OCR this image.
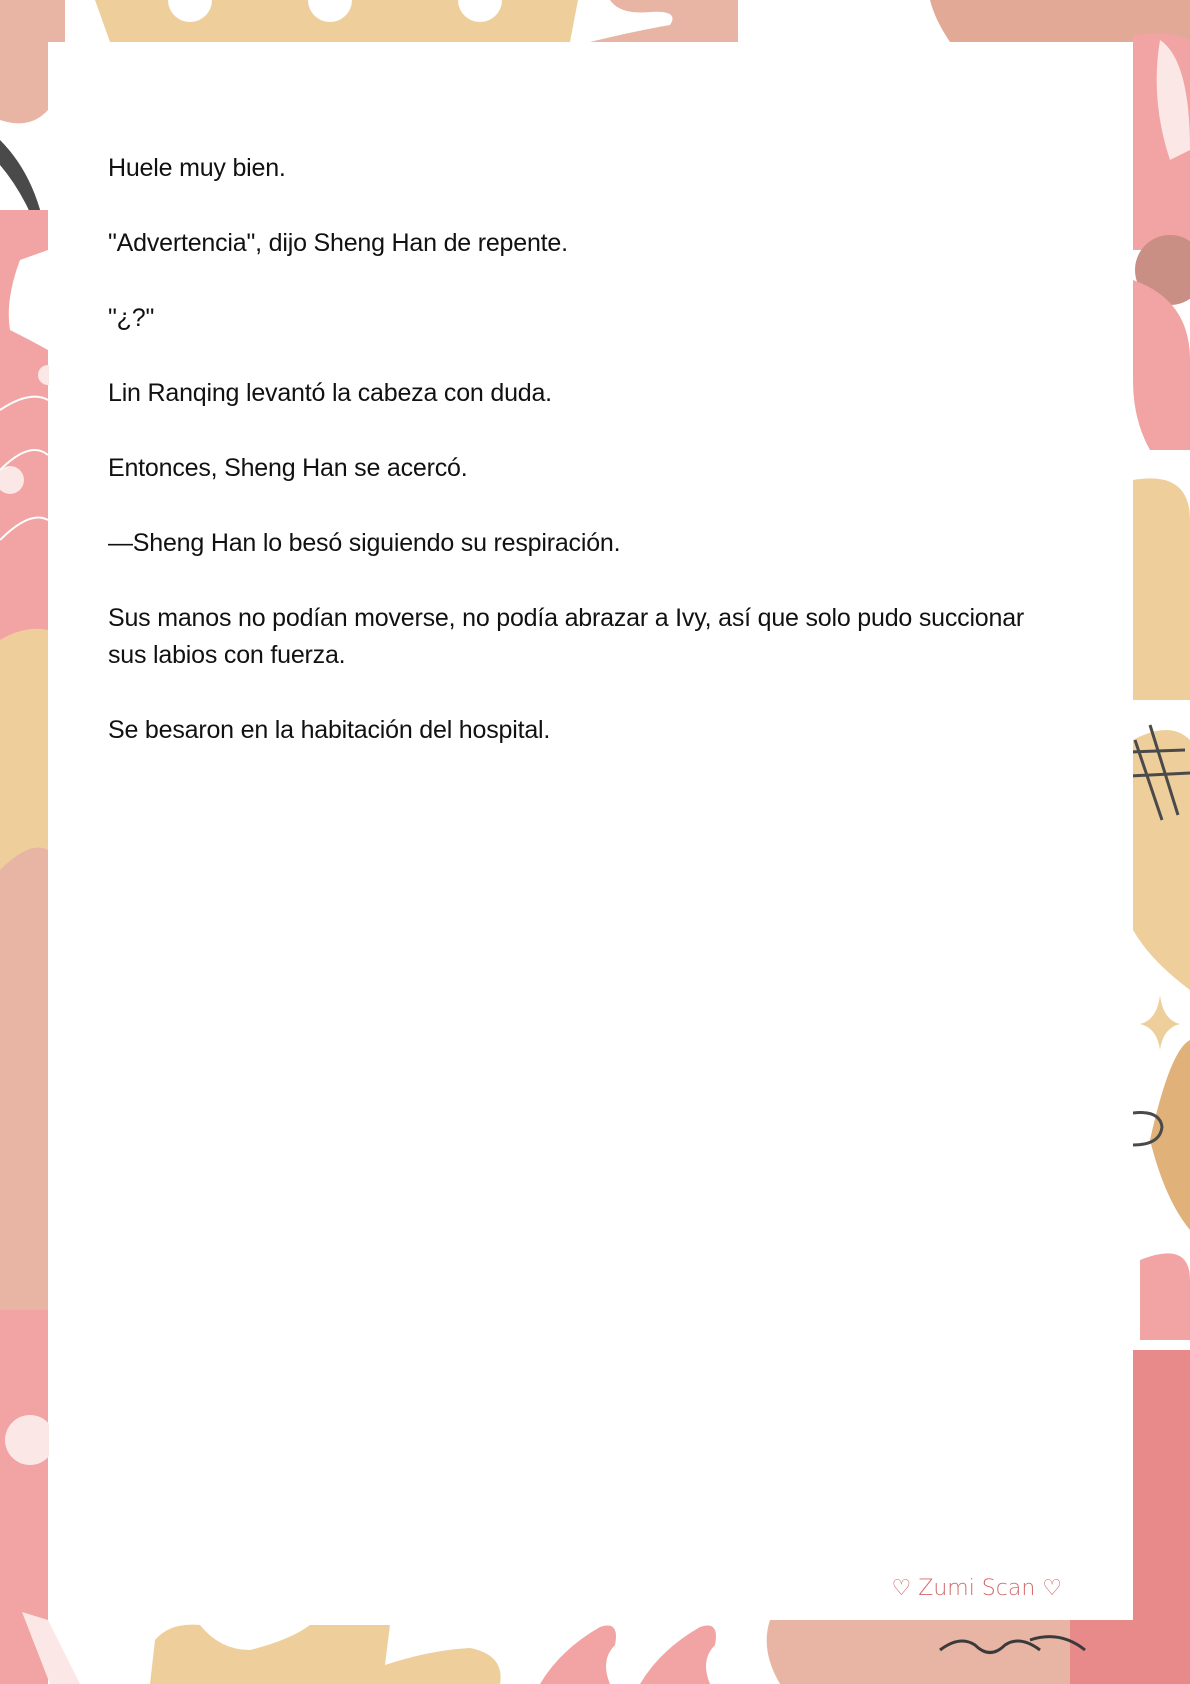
Huele muy bien.

"Advertencia", dijo Sheng Han de repente.

"¿?"

Lin Ranqing levantó la cabeza con duda.

Entonces, Sheng Han se acercó.

—Sheng Han lo besó siguiendo su respiración.

Sus manos no podían moverse, no podía abrazar a Ivy, así que solo pudo succionar sus labios con fuerza.

Se besaron en la habitación del hospital.

♡ Zumi Scan ♡
